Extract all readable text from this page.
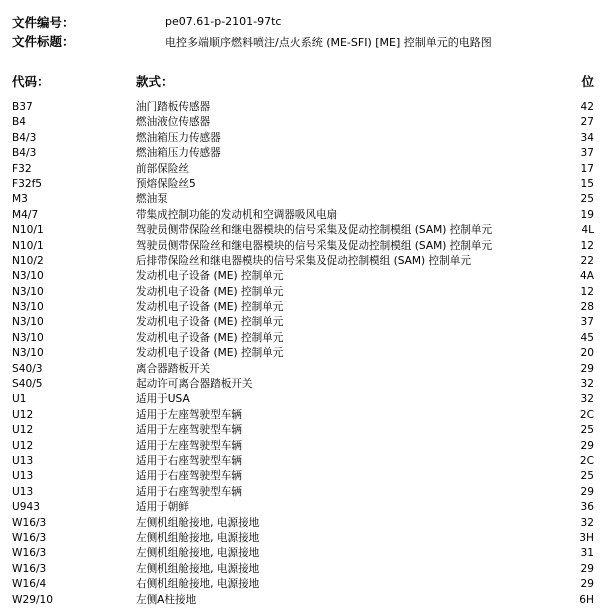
文件编号：	pe07.61-p-2101-97tc
文件标题：	电控多端顺序燃料喷注/点火系统 (ME-SFI) [ME] 控制单元的电路图
代码：	款式：	位
B37	油门踏板传感器	42
B4	燃油液位传感器	27
B4/3	燃油箱压力传感器	34
B4/3	燃油箱压力传感器	37
F32	前部保险丝	17
F32f5	预熔保险丝5	15
M3	燃油泵	25
M4/7	带集成控制功能的发动机和空调器吸风电扇	19
N10/1	驾驶员侧带保险丝和继电器模块的信号采集及促动控制模组 (SAM) 控制单元	4L
N10/1	驾驶员侧带保险丝和继电器模块的信号采集及促动控制模组 (SAM) 控制单元	12
N10/2	后排带保险丝和继电器模块的信号采集及促动控制模组 (SAM) 控制单元	22
N3/10	发动机电子设备 (ME) 控制单元	4A
N3/10	发动机电子设备 (ME) 控制单元	12
N3/10	发动机电子设备 (ME) 控制单元	28
N3/10	发动机电子设备 (ME) 控制单元	37
N3/10	发动机电子设备 (ME) 控制单元	45
N3/10	发动机电子设备 (ME) 控制单元	20
S40/3	离合器踏板开关	29
S40/5	起动许可离合器踏板开关	32
U1	适用于USA	32
U12	适用于左座驾驶型车辆	2C
U12	适用于左座驾驶型车辆	25
U12	适用于左座驾驶型车辆	29
U13	适用于右座驾驶型车辆	2C
U13	适用于右座驾驶型车辆	25
U13	适用于右座驾驶型车辆	29
U943	适用于朝鲜	36
W16/3	左侧机组舱接地, 电源接地	32
W16/3	左侧机组舱接地, 电源接地	3H
W16/3	左侧机组舱接地, 电源接地	31
W16/3	左侧机组舱接地, 电源接地	29
W16/4	右侧机组舱接地, 电源接地	29
W29/10	左侧A柱接地	6H
